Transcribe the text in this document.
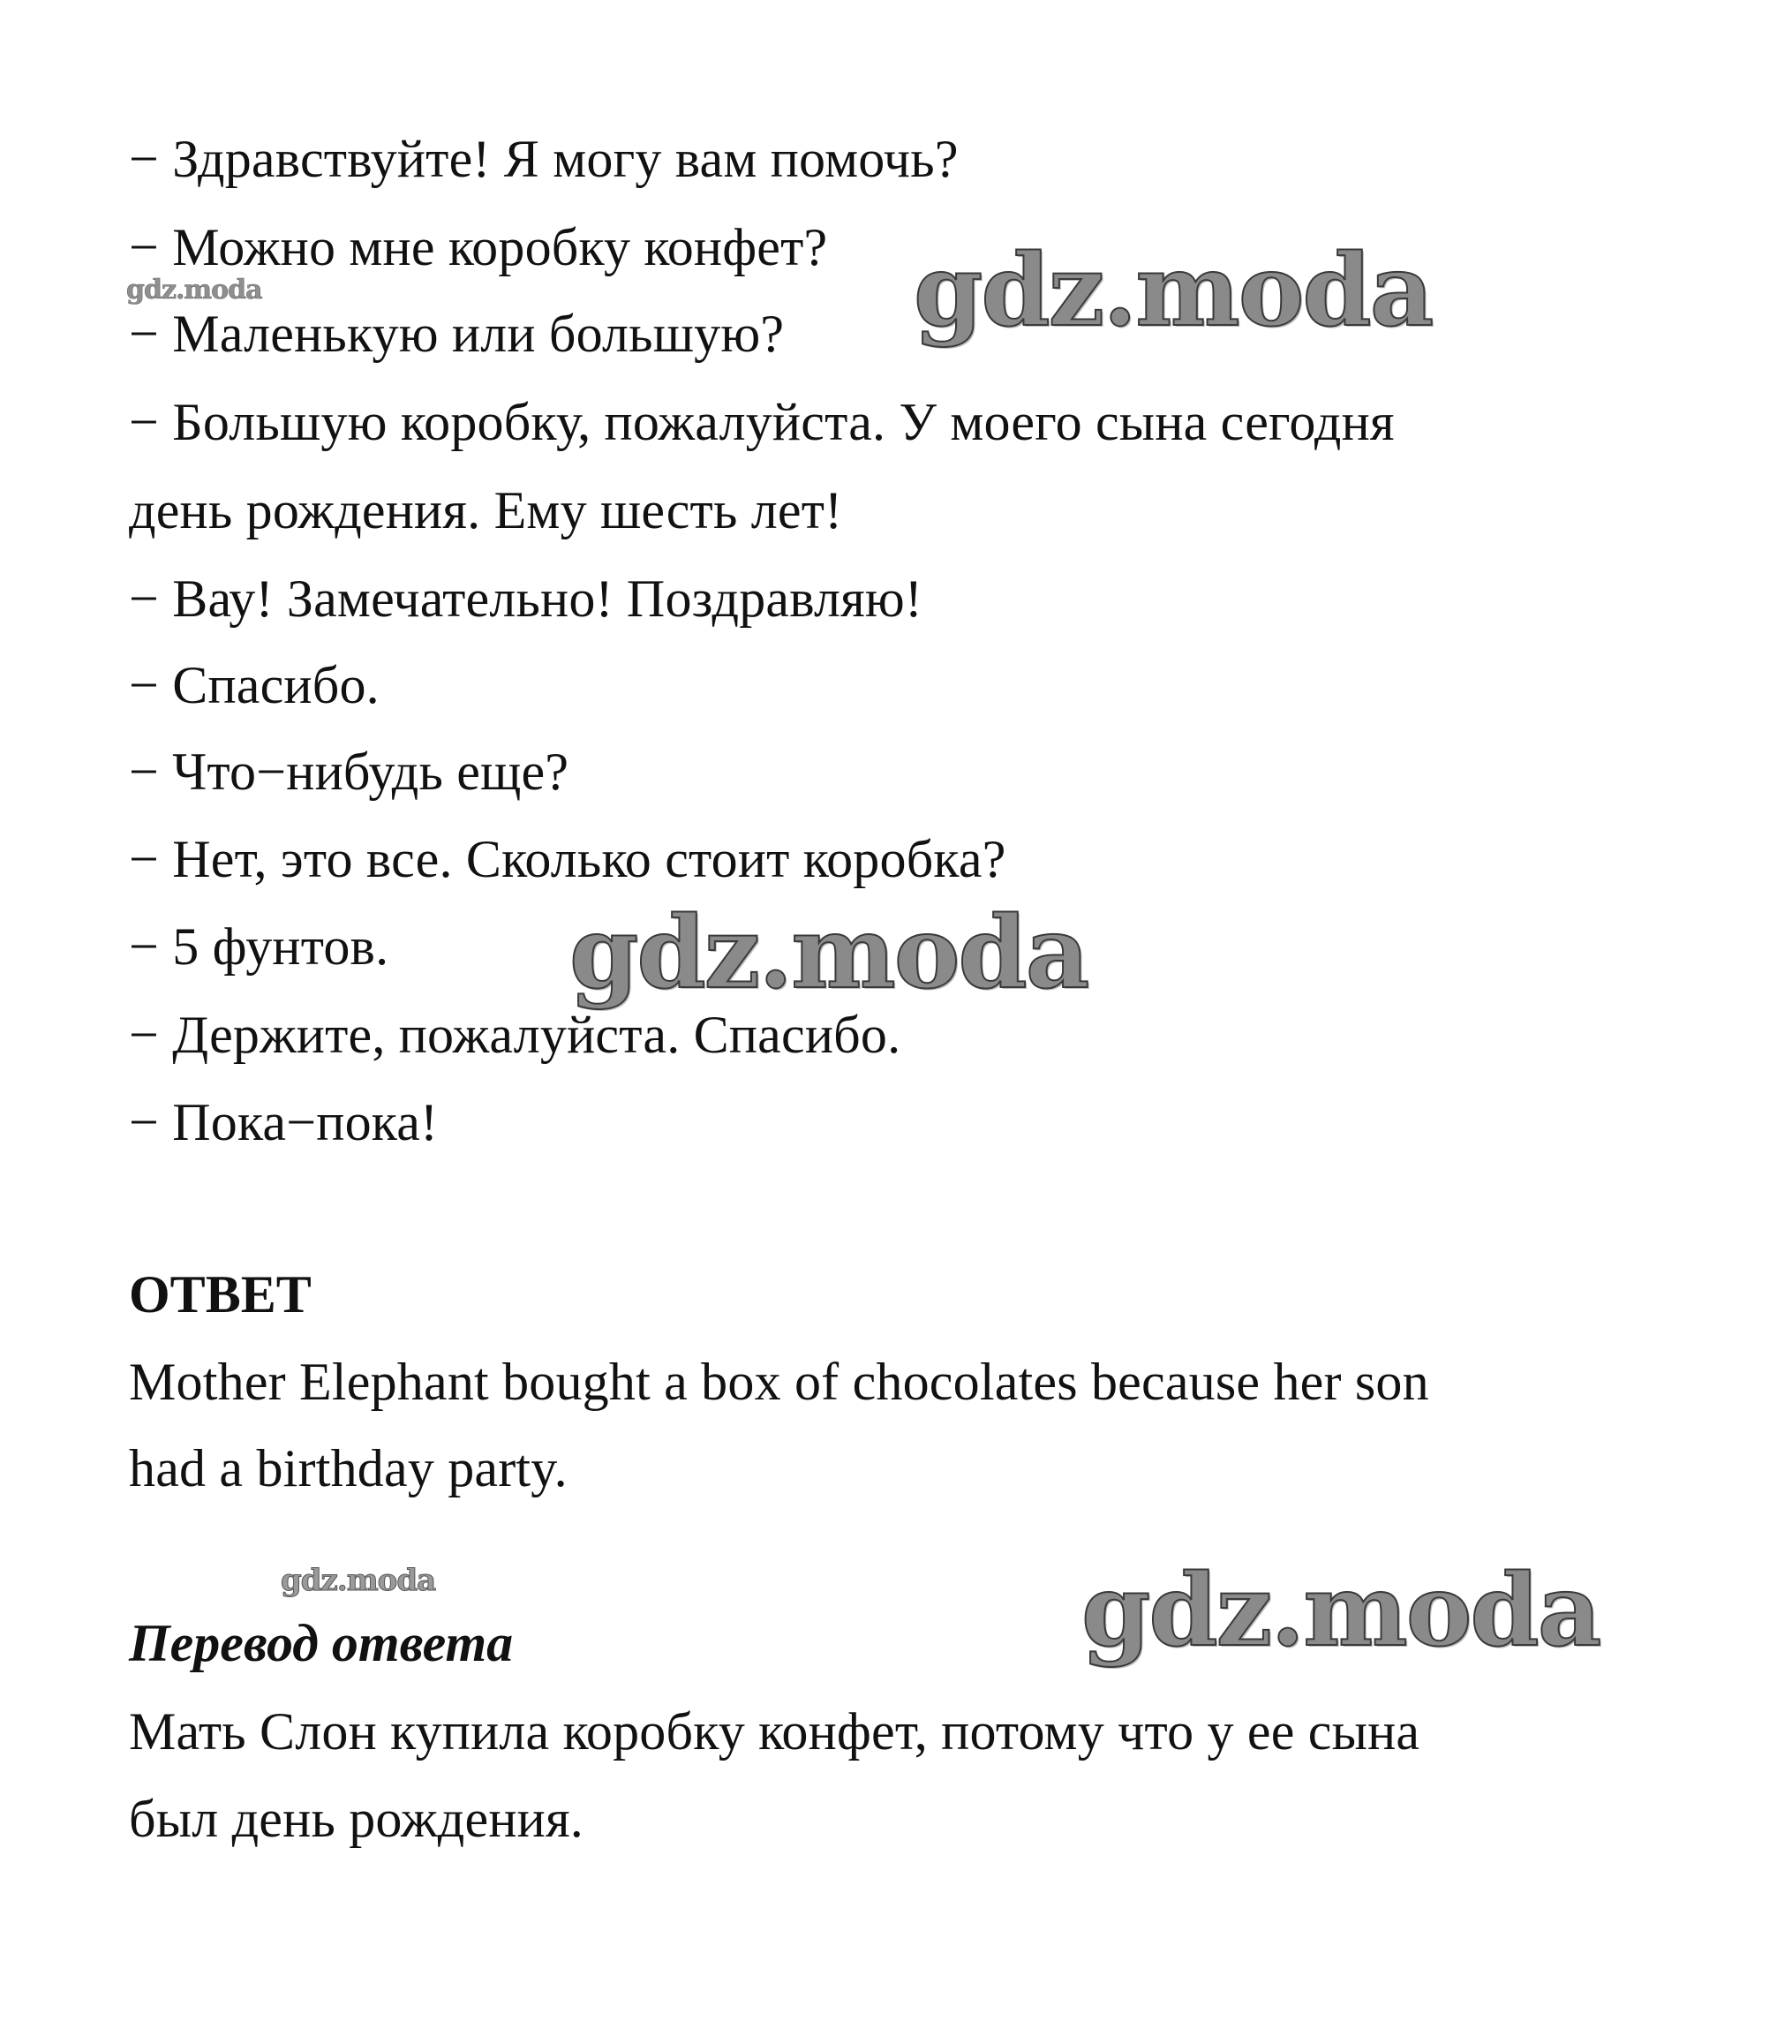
− Здравствуйте! Я могу вам помочь?
− Можно мне коробку конфет?
− Маленькую или большую?
− Большую коробку, пожалуйста. У моего сына сегодня
день рождения. Ему шесть лет!
− Вау! Замечательно! Поздравляю!
− Спасибо.
− Что−нибудь еще?
− Нет, это все. Сколько стоит коробка?
− 5 фунтов.
− Держите, пожалуйста. Спасибо.
− Пока−пока!
ОТВЕТ
Mother Elephant bought a box of chocolates because her son
had a birthday party.
Перевод ответа
Мать Слон купила коробку конфет, потому что у ее сына
был день рождения.
gdz.moda	gdz.moda
gdz.moda
gdz.moda	gdz.moda
